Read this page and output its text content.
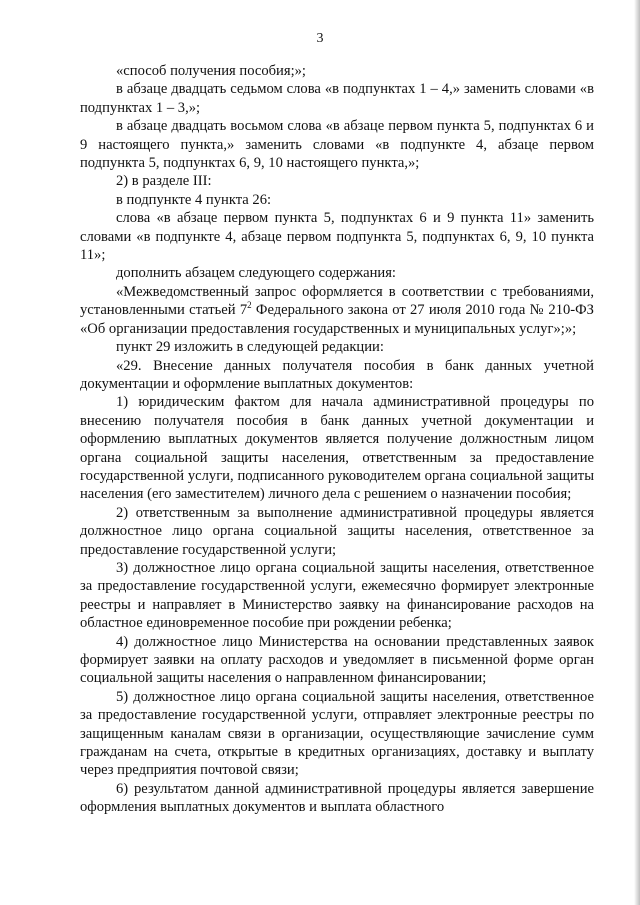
3

«способ получения пособия;»;

в абзаце двадцать седьмом слова «в подпунктах 1 – 4,» заменить словами «в подпунктах 1 – 3,»;

в абзаце двадцать восьмом слова «в абзаце первом пункта 5, подпунктах 6 и 9 настоящего пункта,» заменить словами «в подпункте 4, абзаце первом подпункта 5, подпунктах 6, 9, 10 настоящего пункта,»;

2) в разделе III:

в подпункте 4 пункта 26:

слова «в абзаце первом пункта 5, подпунктах 6 и 9 пункта 11» заменить словами «в подпункте 4, абзаце первом подпункта 5, подпунктах 6, 9, 10 пункта 11»;

дополнить абзацем следующего содержания:

«Межведомственный запрос оформляется в соответствии с требованиями, установленными статьей $7^2$ Федерального закона от 27 июля 2010 года № 210-ФЗ «Об организации предоставления государственных и муниципальных услуг»;»;

пункт 29 изложить в следующей редакции:

«29. Внесение данных получателя пособия в банк данных учетной документации и оформление выплатных документов:

1) юридическим фактом для начала административной процедуры по внесению получателя пособия в банк данных учетной документации и оформлению выплатных документов является получение должностным лицом органа социальной защиты населения, ответственным за предоставление государственной услуги, подписанного руководителем органа социальной защиты населения (его заместителем) личного дела с решением о назначении пособия;

2) ответственным за выполнение административной процедуры является должностное лицо органа социальной защиты населения, ответственное за предоставление государственной услуги;

3) должностное лицо органа социальной защиты населения, ответственное за предоставление государственной услуги, ежемесячно формирует электронные реестры и направляет в Министерство заявку на финансирование расходов на областное единовременное пособие при рождении ребенка;

4) должностное лицо Министерства на основании представленных заявок формирует заявки на оплату расходов и уведомляет в письменной форме орган социальной защиты населения о направленном финансировании;

5) должностное лицо органа социальной защиты населения, ответственное за предоставление государственной услуги, отправляет электронные реестры по защищенным каналам связи в организации, осуществляющие зачисление сумм гражданам на счета, открытые в кредитных организациях, доставку и выплату через предприятия почтовой связи;

6) результатом данной административной процедуры является завершение оформления выплатных документов и выплата областного
